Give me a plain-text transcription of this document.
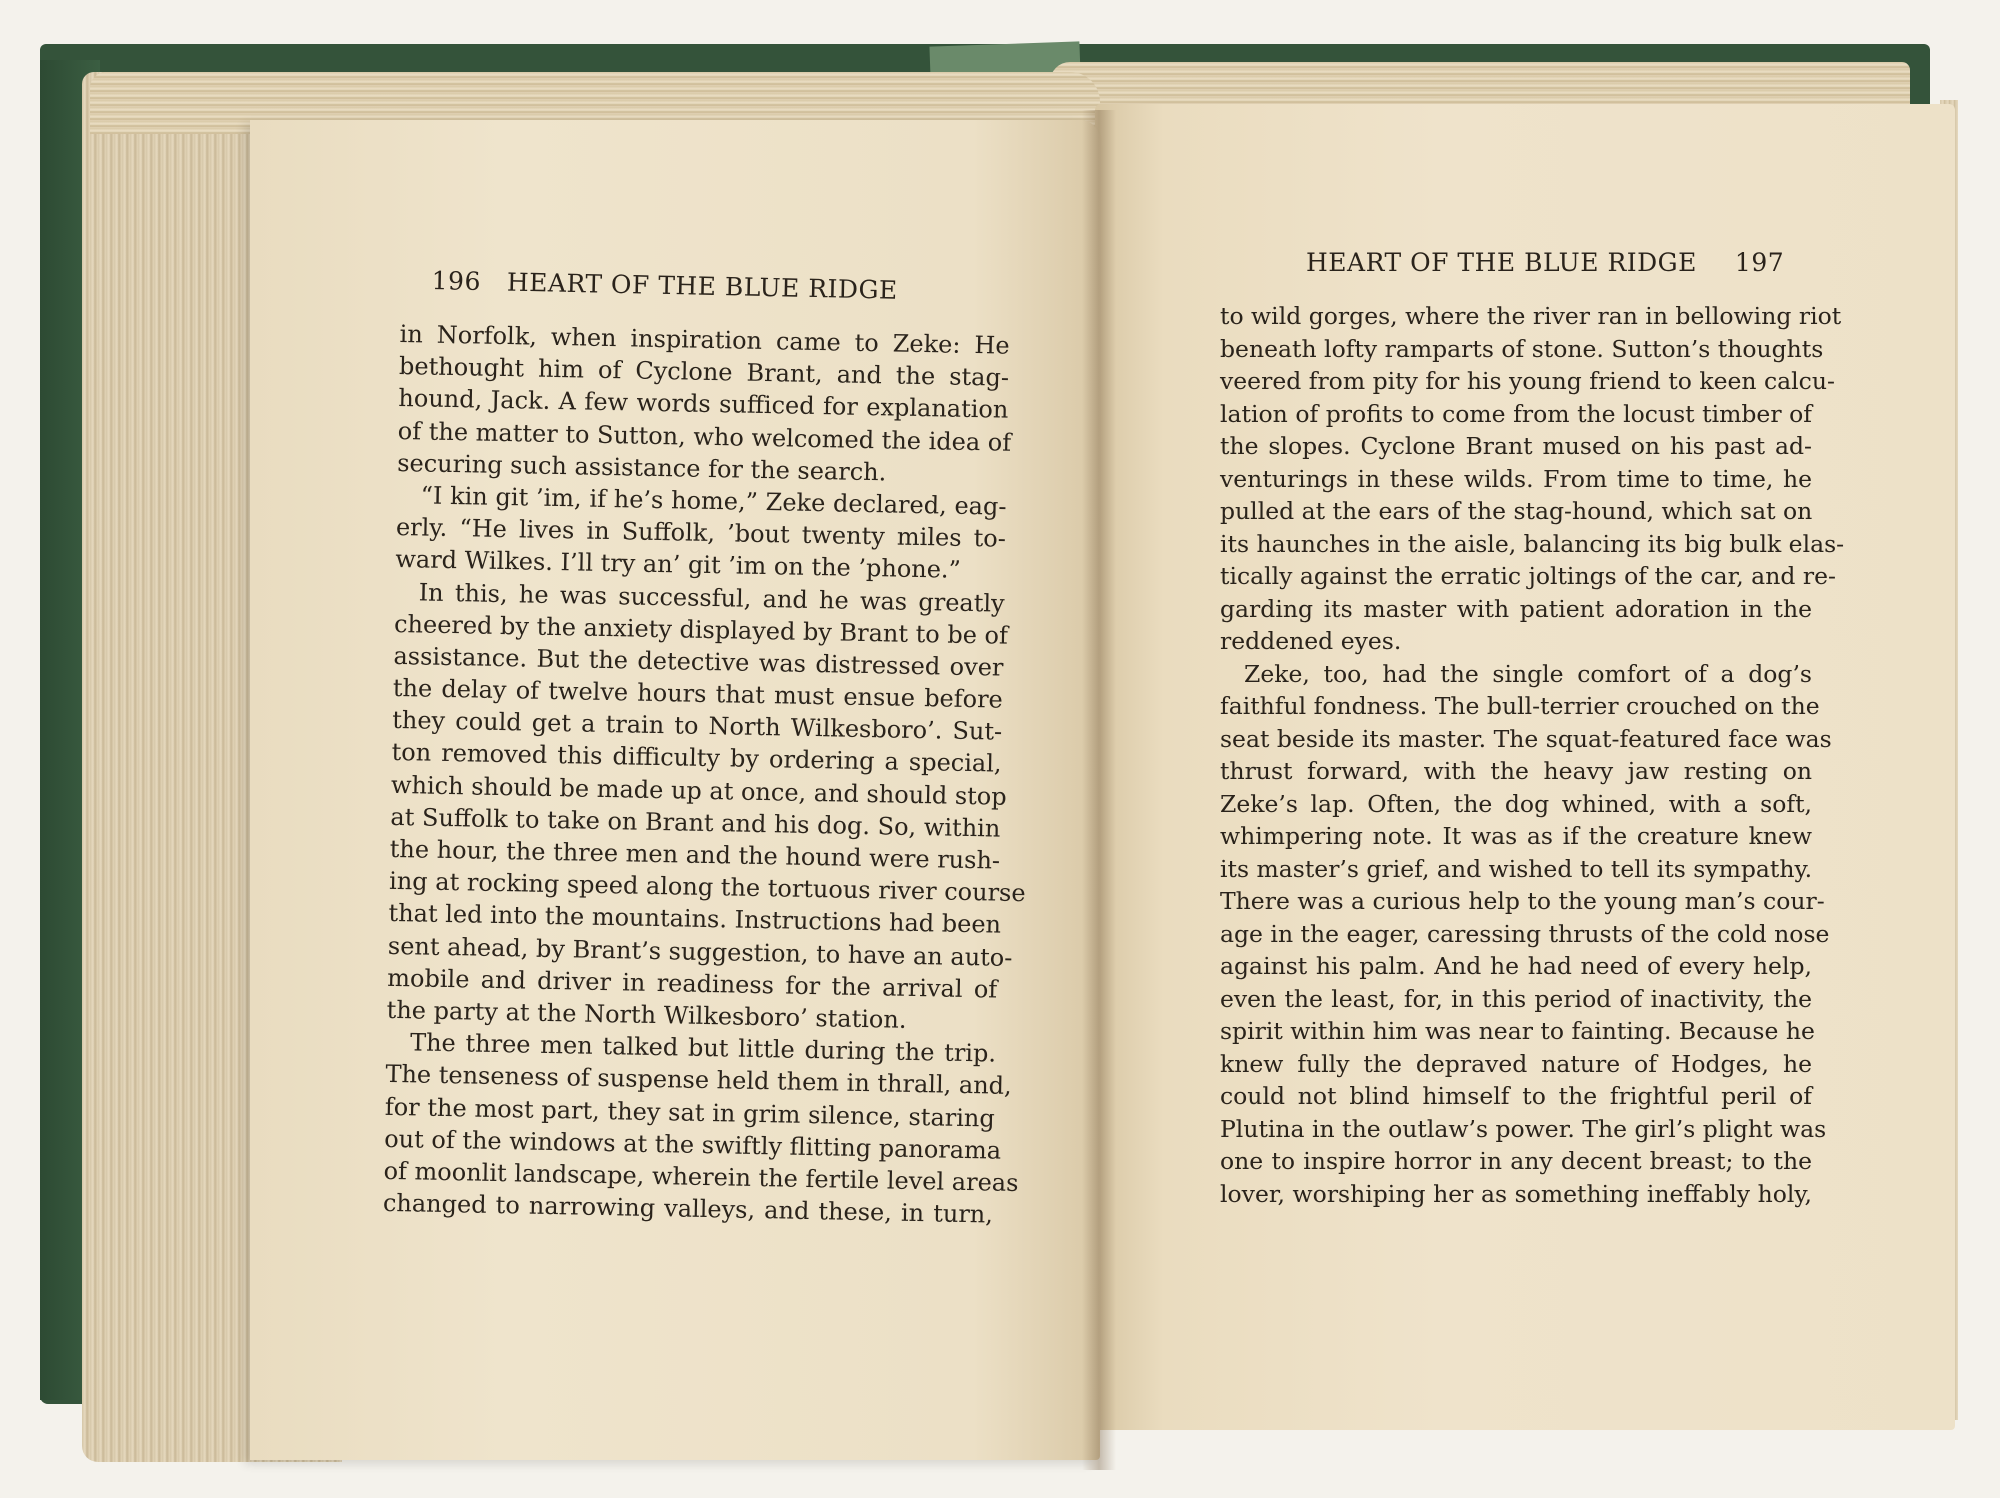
196 HEART OF THE BLUE RIDGE
in Norfolk, when inspiration came to Zeke: He
bethought him of Cyclone Brant, and the stag-
hound, Jack. A few words sufficed for explanation
of the matter to Sutton, who welcomed the idea of
securing such assistance for the search.
“I kin git ’im, if he’s home,” Zeke declared, eag-
erly. “He lives in Suffolk, ’bout twenty miles to-
ward Wilkes. I’ll try an’ git ’im on the ’phone.”
In this, he was successful, and he was greatly
cheered by the anxiety displayed by Brant to be of
assistance. But the detective was distressed over
the delay of twelve hours that must ensue before
they could get a train to North Wilkesboro’. Sut-
ton removed this difficulty by ordering a special,
which should be made up at once, and should stop
at Suffolk to take on Brant and his dog. So, within
the hour, the three men and the hound were rush-
ing at rocking speed along the tortuous river course
that led into the mountains. Instructions had been
sent ahead, by Brant’s suggestion, to have an auto-
mobile and driver in readiness for the arrival of
the party at the North Wilkesboro’ station.
The three men talked but little during the trip.
The tenseness of suspense held them in thrall, and,
for the most part, they sat in grim silence, staring
out of the windows at the swiftly flitting panorama
of moonlit landscape, wherein the fertile level areas
changed to narrowing valleys, and these, in turn,
HEART OF THE BLUE RIDGE 197
to wild gorges, where the river ran in bellowing riot
beneath lofty ramparts of stone. Sutton’s thoughts
veered from pity for his young friend to keen calcu-
lation of profits to come from the locust timber of
the slopes. Cyclone Brant mused on his past ad-
venturings in these wilds. From time to time, he
pulled at the ears of the stag-hound, which sat on
its haunches in the aisle, balancing its big bulk elas-
tically against the erratic joltings of the car, and re-
garding its master with patient adoration in the
reddened eyes.
Zeke, too, had the single comfort of a dog’s
faithful fondness. The bull-terrier crouched on the
seat beside its master. The squat-featured face was
thrust forward, with the heavy jaw resting on
Zeke’s lap. Often, the dog whined, with a soft,
whimpering note. It was as if the creature knew
its master’s grief, and wished to tell its sympathy.
There was a curious help to the young man’s cour-
age in the eager, caressing thrusts of the cold nose
against his palm. And he had need of every help,
even the least, for, in this period of inactivity, the
spirit within him was near to fainting. Because he
knew fully the depraved nature of Hodges, he
could not blind himself to the frightful peril of
Plutina in the outlaw’s power. The girl’s plight was
one to inspire horror in any decent breast; to the
lover, worshiping her as something ineffably holy,
